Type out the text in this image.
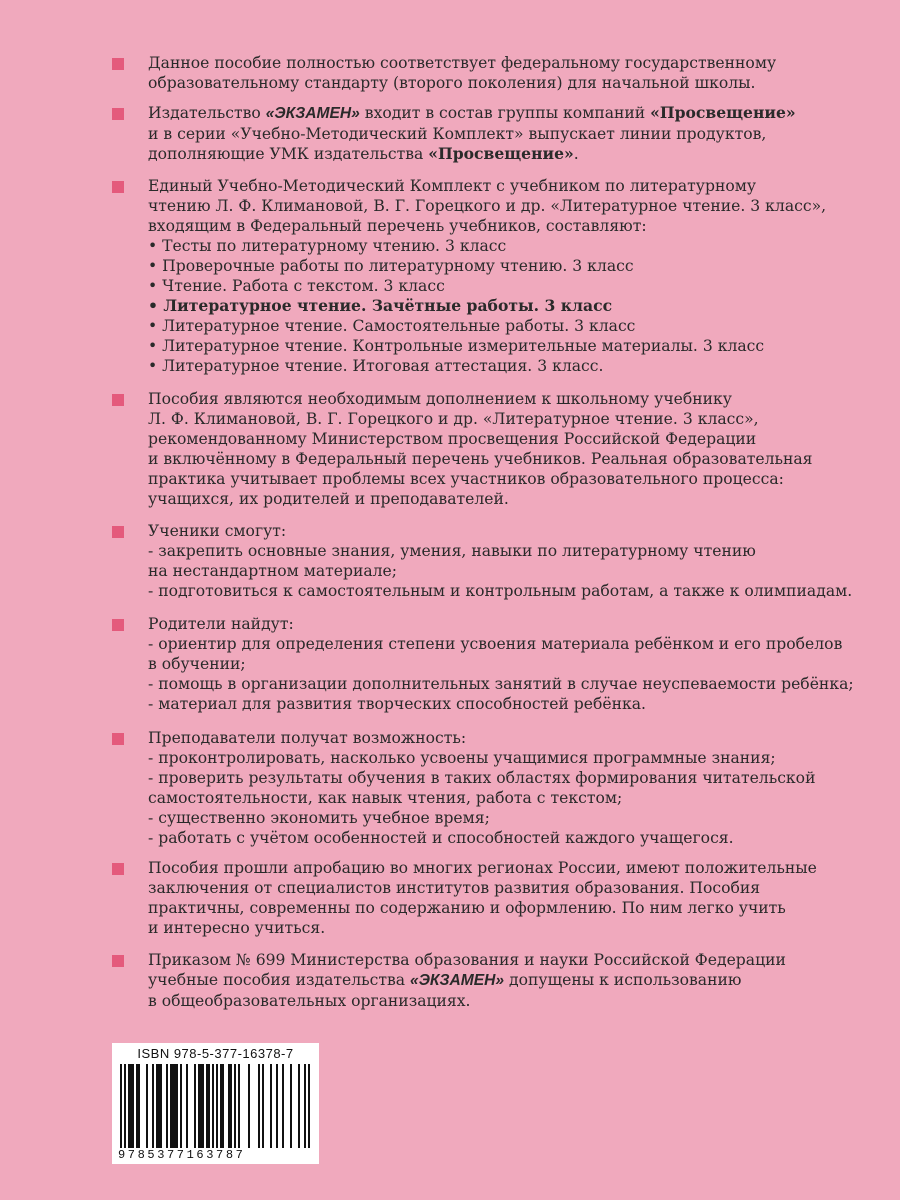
Данное пособие полностью соответствует федеральному государственному
образовательному стандарту (второго поколения) для начальной школы.
Издательство «ЭКЗАМЕН» входит в состав группы компаний «Просвещение»
и в серии «Учебно-Методический Комплект» выпускает линии продуктов,
дополняющие УМК издательства «Просвещение».
Единый Учебно-Методический Комплект с учебником по литературному
чтению Л. Ф. Климановой, В. Г. Горецкого и др. «Литературное чтение. 3 класс»,
входящим в Федеральный перечень учебников, составляют:
• Тесты по литературному чтению. 3 класс
• Проверочные работы по литературному чтению. 3 класс
• Чтение. Работа с текстом. 3 класс
• Литературное чтение. Зачётные работы. 3 класс
• Литературное чтение. Самостоятельные работы. 3 класс
• Литературное чтение. Контрольные измерительные материалы. 3 класс
• Литературное чтение. Итоговая аттестация. 3 класс.
Пособия являются необходимым дополнением к школьному учебнику
Л. Ф. Климановой, В. Г. Горецкого и др. «Литературное чтение. 3 класс»,
рекомендованному Министерством просвещения Российской Федерации
и включённому в Федеральный перечень учебников. Реальная образовательная
практика учитывает проблемы всех участников образовательного процесса:
учащихся, их родителей и преподавателей.
Ученики смогут:
- закрепить основные знания, умения, навыки по литературному чтению
на нестандартном материале;
- подготовиться к самостоятельным и контрольным работам, а также к олимпиадам.
Родители найдут:
- ориентир для определения степени усвоения материала ребёнком и его пробелов
в обучении;
- помощь в организации дополнительных занятий в случае неуспеваемости ребёнка;
- материал для развития творческих способностей ребёнка.
Преподаватели получат возможность:
- проконтролировать, насколько усвоены учащимися программные знания;
- проверить результаты обучения в таких областях формирования читательской
самостоятельности, как навык чтения, работа с текстом;
- существенно экономить учебное время;
- работать с учётом особенностей и способностей каждого учащегося.
Пособия прошли апробацию во многих регионах России, имеют положительные
заключения от специалистов институтов развития образования. Пособия
практичны, современны по содержанию и оформлению. По ним легко учить
и интересно учиться.
Приказом № 699 Министерства образования и науки Российской Федерации
учебные пособия издательства «ЭКЗАМЕН» допущены к использованию
в общеобразовательных организациях.
ISBN 978-5-377-16378-7
9785377163787
